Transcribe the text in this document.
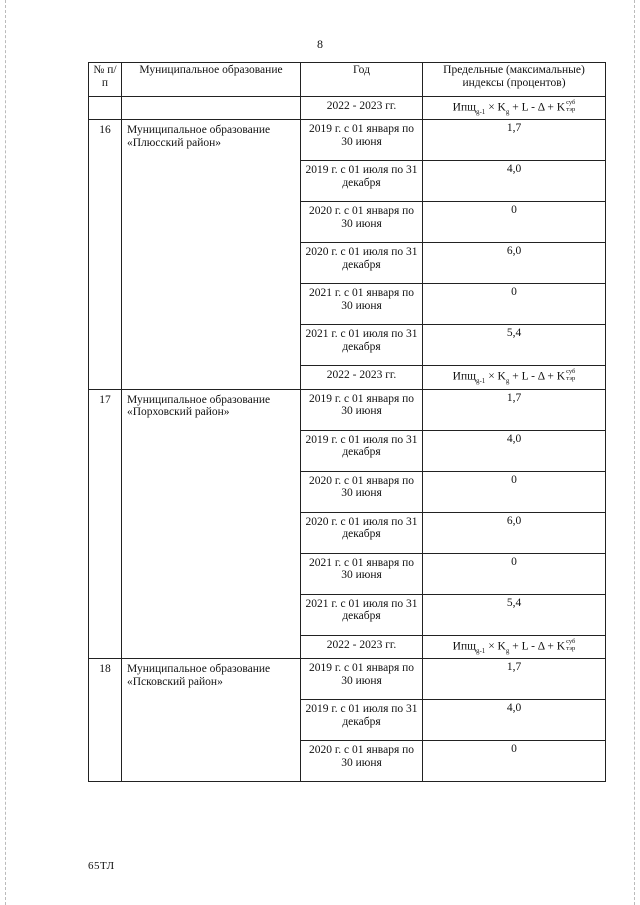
8
№ п/п	Муниципальное образование	Год	Предельные (максимальные) индексы (процентов)
		2022 - 2023 гг.	$Ипщ_{g-1} \times K_g + L - \Delta + K$ суб
тэр

16	Муниципальное образование «Плюсский район»	2019 г. с 01 января по 30 июня	1,7
		2019 г. с 01 июля по 31 декабря	4,0
		2020 г. с 01 января по 30 июня	0
		2020 г. с 01 июля по 31 декабря	6,0
		2021 г. с 01 января по 30 июня	0
		2021 г. с 01 июля по 31 декабря	5,4
		2022 - 2023 гг.	$Ипщ_{g-1} \times K_g + L - \Delta + K$ суб
тэр

17	Муниципальное образование «Порховский район»	2019 г. с 01 января по 30 июня	1,7
		2019 г. с 01 июля по 31 декабря	4,0
		2020 г. с 01 января по 30 июня	0
		2020 г. с 01 июля по 31 декабря	6,0
		2021 г. с 01 января по 30 июня	0
		2021 г. с 01 июля по 31 декабря	5,4
		2022 - 2023 гг.	$Ипщ_{g-1} \times K_g + L - \Delta + K$ суб
тэр

18	Муниципальное образование «Псковский район»	2019 г. с 01 января по 30 июня	1,7
		2019 г. с 01 июля по 31 декабря	4,0
		2020 г. с 01 января по 30 июня	0
65ТЛ
